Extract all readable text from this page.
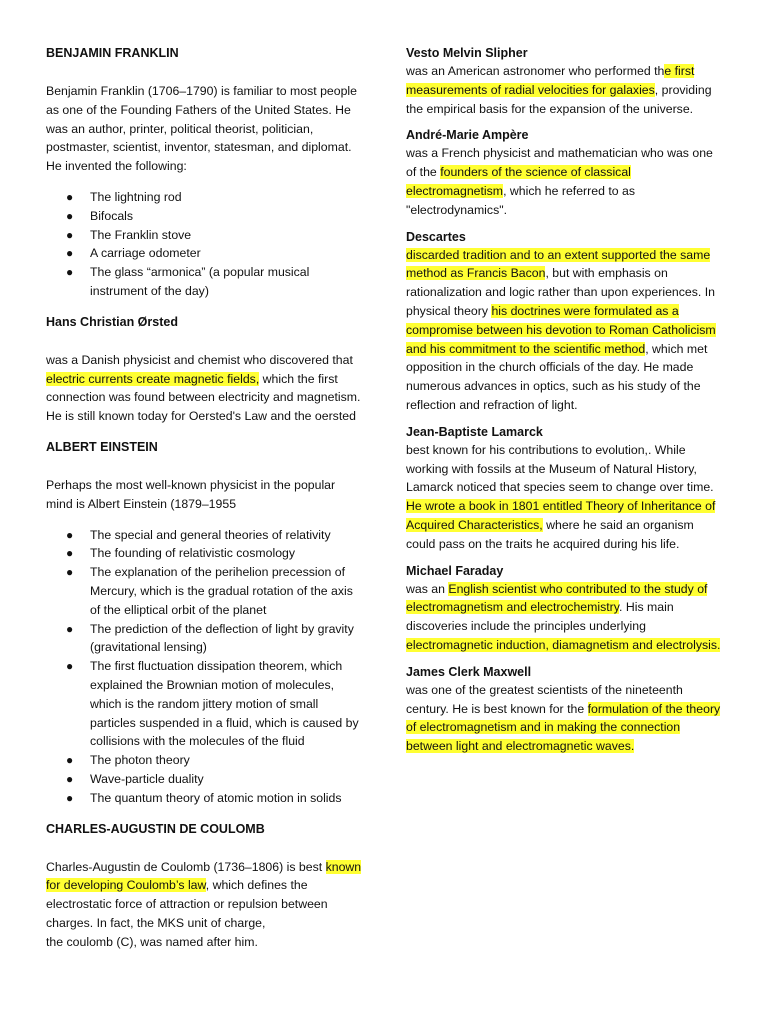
BENJAMIN FRANKLIN

Benjamin Franklin (1706–1790) is familiar to most people as one of the Founding Fathers of the United States. He was an author, printer, political theorist, politician, postmaster, scientist, inventor, statesman, and diplomat. He invented the following:

● The lightning rod
● Bifocals
● The Franklin stove
● A carriage odometer
● The glass “armonica” (a popular musical instrument of the day)

Hans Christian Ørsted

was a Danish physicist and chemist who discovered that electric currents create magnetic fields, which the first connection was found between electricity and magnetism. He is still known today for Oersted's Law and the oersted

ALBERT EINSTEIN

Perhaps the most well-known physicist in the popular mind is Albert Einstein (1879–1955

● The special and general theories of relativity
● The founding of relativistic cosmology
● The explanation of the perihelion precession of Mercury, which is the gradual rotation of the axis of the elliptical orbit of the planet
● The prediction of the deflection of light by gravity (gravitational lensing)
● The first fluctuation dissipation theorem, which explained the Brownian motion of molecules, which is the random jittery motion of small particles suspended in a fluid, which is caused by collisions with the molecules of the fluid
● The photon theory
● Wave-particle duality
● The quantum theory of atomic motion in solids

CHARLES-AUGUSTIN DE COULOMB

Charles-Augustin de Coulomb (1736–1806) is best known for developing Coulomb’s law, which defines the electrostatic force of attraction or repulsion between charges. In fact, the MKS unit of charge,

the coulomb (C), was named after him.

Vesto Melvin Slipher

was an American astronomer who performed the first measurements of radial velocities for galaxies, providing the empirical basis for the expansion of the universe.

André-Marie Ampère

was a French physicist and mathematician who was one of the founders of the science of classical electromagnetism, which he referred to as "electrodynamics".

Descartes

discarded tradition and to an extent supported the same method as Francis Bacon, but with emphasis on rationalization and logic rather than upon experiences. In physical theory his doctrines were formulated as a compromise between his devotion to Roman Catholicism and his commitment to the scientific method, which met opposition in the church officials of the day. He made numerous advances in optics, such as his study of the reflection and refraction of light.

Jean-Baptiste Lamarck

best known for his contributions to evolution,. While working with fossils at the Museum of Natural History, Lamarck noticed that species seem to change over time. He wrote a book in 1801 entitled Theory of Inheritance of Acquired Characteristics, where he said an organism could pass on the traits he acquired during his life.

Michael Faraday

was an English scientist who contributed to the study of electromagnetism and electrochemistry. His main discoveries include the principles underlying electromagnetic induction, diamagnetism and electrolysis.

James Clerk Maxwell

was one of the greatest scientists of the nineteenth century. He is best known for the formulation of the theory of electromagnetism and in making the connection between light and electromagnetic waves.
